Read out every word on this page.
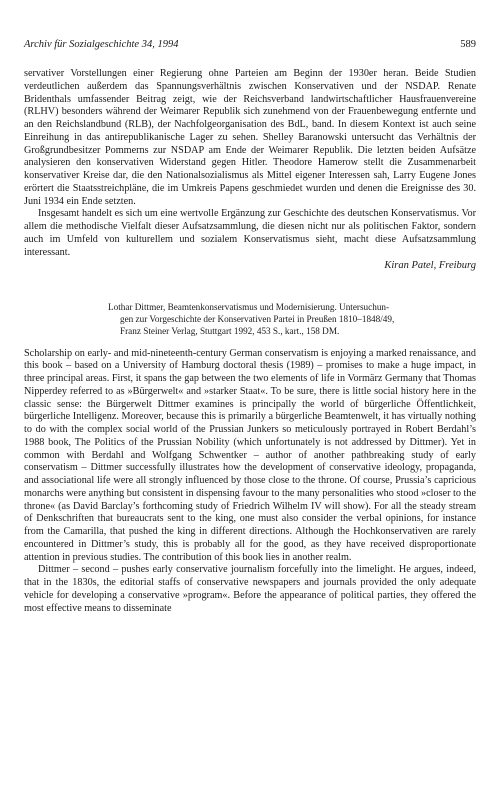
Archiv für Sozialgeschichte 34, 1994	589

servativer Vorstellungen einer Regierung ohne Parteien am Beginn der 1930er heran. Beide Studien verdeutlichen außerdem das Spannungsverhältnis zwischen Konservativen und der NSDAP. Renate Bridenthals umfassender Beitrag zeigt, wie der Reichsverband landwirtschaftlicher Hausfrauenvereine (RLHV) besonders während der Weimarer Republik sich zunehmend von der Frauenbewegung entfernte und an den Reichslandbund (RLB), der Nachfolgeorganisation des BdL, band. In diesem Kontext ist auch seine Einreihung in das antirepublikanische Lager zu sehen. Shelley Baranowski untersucht das Verhältnis der Großgrundbesitzer Pommerns zur NSDAP am Ende der Weimarer Republik. Die letzten beiden Aufsätze analysieren den konservativen Widerstand gegen Hitler. Theodore Hamerow stellt die Zusammenarbeit konservativer Kreise dar, die den Nationalsozialismus als Mittel eigener Interessen sah, Larry Eugene Jones erörtert die Staatsstreichpläne, die im Umkreis Papens geschmiedet wurden und denen die Ereignisse des 30. Juni 1934 ein Ende setzten.

Insgesamt handelt es sich um eine wertvolle Ergänzung zur Geschichte des deutschen Konservatismus. Vor allem die methodische Vielfalt dieser Aufsatzsammlung, die diesen nicht nur als politischen Faktor, sondern auch im Umfeld von kulturellem und sozialem Konservatismus sieht, macht diese Aufsatzsammlung interessant.

Kiran Patel, Freiburg

Lothar Dittmer, Beamtenkonservatismus und Modernisierung. Untersuchun-
gen zur Vorgeschichte der Konservativen Partei in Preußen 1810–1848/49,
Franz Steiner Verlag, Stuttgart 1992, 453 S., kart., 158 DM.

Scholarship on early- and mid-nineteenth-century German conservatism is enjoying a marked renaissance, and this book – based on a University of Hamburg doctoral thesis (1989) – promises to make a huge impact, in three principal areas. First, it spans the gap between the two elements of life in Vormärz Germany that Thomas Nipperdey referred to as »Bürgerwelt« and »starker Staat«. To be sure, there is little social history here in the classic sense: the Bürgerwelt Dittmer examines is principally the world of bürgerliche Öffentlichkeit, bürgerliche Intelligenz. Moreover, because this is primarily a bürgerliche Beamtenwelt, it has virtually nothing to do with the complex social world of the Prussian Junkers so meticulously portrayed in Robert Berdahl’s 1988 book, The Politics of the Prussian Nobility (which unfortunately is not addressed by Dittmer). Yet in common with Berdahl and Wolfgang Schwentker – author of another pathbreaking study of early conservatism – Dittmer successfully illustrates how the development of conservative ideology, propaganda, and associational life were all strongly influenced by those close to the throne. Of course, Prussia’s capricious monarchs were anything but consistent in dispensing favour to the many personalities who stood »closer to the throne« (as David Barclay’s forthcoming study of Friedrich Wilhelm IV will show). For all the steady stream of Denkschriften that bureaucrats sent to the king, one must also consider the verbal opinions, for instance from the Camarilla, that pushed the king in different directions. Although the Hochkonservativen are rarely encountered in Dittmer’s study, this is probably all for the good, as they have received disproportionate attention in previous studies. The contribution of this book lies in another realm.

Dittmer – second – pushes early conservative journalism forcefully into the limelight. He argues, indeed, that in the 1830s, the editorial staffs of conservative newspapers and journals provided the only adequate vehicle for developing a conservative »program«. Before the appearance of political parties, they offered the most effective means to disseminate
